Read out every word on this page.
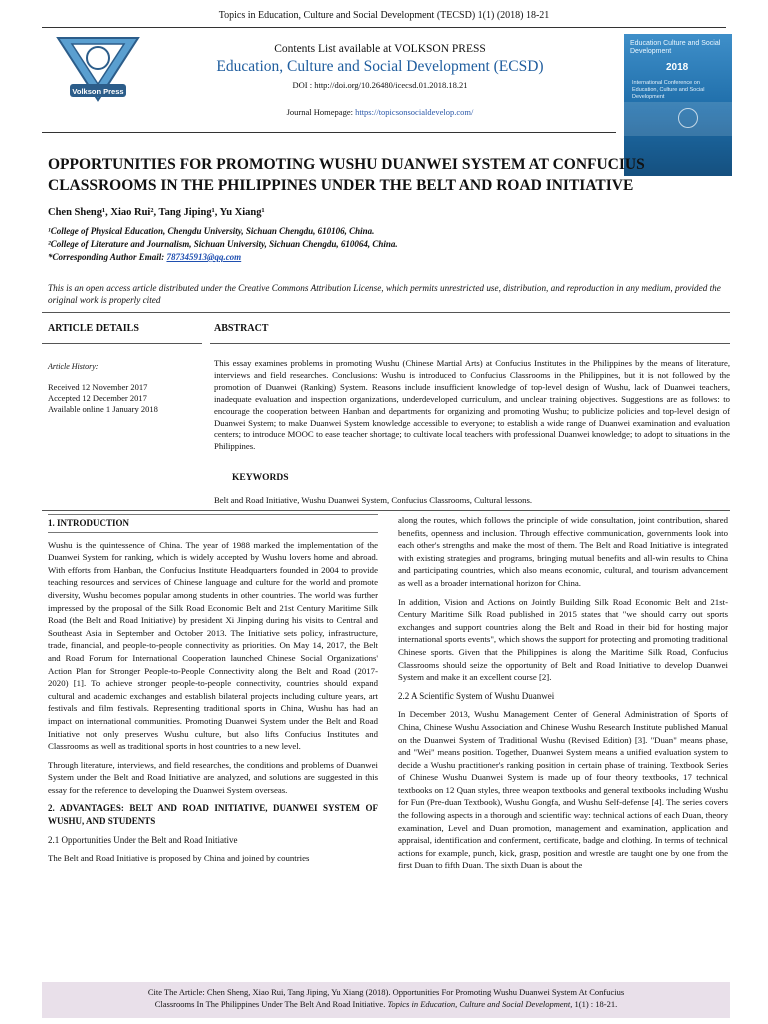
Topics in Education, Culture and Social Development (TECSD) 1(1) (2018) 18-21
Volkson Press
Contents List available at VOLKSON PRESS
Education, Culture and Social Development (ECSD)
DOI : http://doi.org/10.26480/icecsd.01.2018.18.21
Journal Homepage: https://topicsonsocialdevelop.com/
Education Culture and Social Development
2018
International Conference on Education, Culture and Social Development
OPPORTUNITIES FOR PROMOTING WUSHU DUANWEI SYSTEM AT CONFUCIUS CLASSROOMS IN THE PHILIPPINES UNDER THE BELT AND ROAD INITIATIVE
Chen Sheng¹, Xiao Rui², Tang Jiping¹, Yu Xiang¹
¹College of Physical Education, Chengdu University, Sichuan Chengdu, 610106, China.
²College of Literature and Journalism, Sichuan University, Sichuan Chengdu, 610064, China.
*Corresponding Author Email: 787345913@qq.com
This is an open access article distributed under the Creative Commons Attribution License, which permits unrestricted use, distribution, and reproduction in any medium, provided the original work is properly cited
ARTICLE DETAILS	ABSTRACT
Article History:
Received 12 November 2017
Accepted 12 December 2017
Available online 1 January 2018
This essay examines problems in promoting Wushu (Chinese Martial Arts) at Confucius Institutes in the Philippines by the means of literature, interviews and field researches. Conclusions: Wushu is introduced to Confucius Classrooms in the Philippines, but it is not followed by the promotion of Duanwei (Ranking) System. Reasons include insufficient knowledge of top-level design of Wushu, lack of Duanwei teachers, inadequate evaluation and inspection organizations, underdeveloped curriculum, and unclear training objectives. Suggestions are as follows: to encourage the cooperation between Hanban and departments for organizing and promoting Wushu; to publicize policies and top-level design of Duanwei System; to make Duanwei System knowledge accessible to everyone; to establish a wide range of Duanwei examination and evaluation centers; to introduce MOOC to ease teacher shortage; to cultivate local teachers with professional Duanwei knowledge; to adopt to situations in the Philippines.
KEYWORDS
Belt and Road Initiative, Wushu Duanwei System, Confucius Classrooms, Cultural lessons.
1. INTRODUCTION
Wushu is the quintessence of China. The year of 1988 marked the implementation of the Duanwei System for ranking, which is widely accepted by Wushu lovers home and abroad. With efforts from Hanban, the Confucius Institute Headquarters founded in 2004 to provide teaching resources and services of Chinese language and culture for the world and promote diversity, Wushu becomes popular among students in other countries. The world was further impressed by the proposal of the Silk Road Economic Belt and 21st Century Maritime Silk Road (the Belt and Road Initiative) by president Xi Jinping during his visits to Central and Southeast Asia in September and October 2013. The Initiative sets policy, infrastructure, trade, financial, and people-to-people connectivity as priorities. On May 14, 2017, the Belt and Road Forum for International Cooperation launched Chinese Social Organizations' Action Plan for Stronger People-to-People Connectivity along the Belt and Road (2017-2020) [1]. To achieve stronger people-to-people connectivity, countries should expand cultural and academic exchanges and establish bilateral projects including culture years, art festivals and film festivals. Representing traditional sports in China, Wushu has had an impact on international communities. Promoting Duanwei System under the Belt and Road Initiative not only preserves Wushu culture, but also lifts Confucius Institutes and Classrooms as well as traditional sports in host countries to a new level.
Through literature, interviews, and field researches, the conditions and problems of Duanwei System under the Belt and Road Initiative are analyzed, and solutions are suggested in this essay for the reference to developing the Duanwei System overseas.
2. ADVANTAGES: BELT AND ROAD INITIATIVE, DUANWEI SYSTEM OF WUSHU, AND STUDENTS
2.1 Opportunities Under the Belt and Road Initiative
The Belt and Road Initiative is proposed by China and joined by countries
along the routes, which follows the principle of wide consultation, joint contribution, shared benefits, openness and inclusion. Through effective communication, governments look into each other's strengths and make the most of them. The Belt and Road Initiative is integrated with existing strategies and programs, bringing mutual benefits and all-win results to China and participating countries, which also means economic, cultural, and tourism advancement as well as a broader international horizon for China.
In addition, Vision and Actions on Jointly Building Silk Road Economic Belt and 21st-Century Maritime Silk Road published in 2015 states that "we should carry out sports exchanges and support countries along the Belt and Road in their bid for hosting major international sports events", which shows the support for protecting and promoting traditional Chinese sports. Given that the Philippines is along the Maritime Silk Road, Confucius Classrooms should seize the opportunity of Belt and Road Initiative to develop Duanwei System and make it an excellent course [2].
2.2 A Scientific System of Wushu Duanwei
In December 2013, Wushu Management Center of General Administration of Sports of China, Chinese Wushu Association and Chinese Wushu Research Institute published Manual on the Duanwei System of Traditional Wushu (Revised Edition) [3]. "Duan" means phase, and "Wei" means position. Together, Duanwei System means a unified evaluation system to decide a Wushu practitioner's ranking position in certain phase of training. Textbook Series of Chinese Wushu Duanwei System is made up of four theory textbooks, 17 technical textbooks on 12 Quan styles, three weapon textbooks and general textbooks including Wushu for Fun (Pre-duan Textbook), Wushu Gongfa, and Wushu Self-defense [4]. The series covers the following aspects in a thorough and scientific way: technical actions of each Duan, theory examination, Level and Duan promotion, management and examination, application and appraisal, identification and conferment, certificate, badge and clothing. In terms of technical actions for example, punch, kick, grasp, position and wrestle are taught one by one from the first Duan to fifth Duan. The sixth Duan is about the
Cite The Article: Chen Sheng, Xiao Rui, Tang Jiping, Yu Xiang (2018). Opportunities For Promoting Wushu Duanwei System At Confucius
Classrooms In The Philippines Under The Belt And Road Initiative. Topics in Education, Culture and Social Development, 1(1) : 18-21.
